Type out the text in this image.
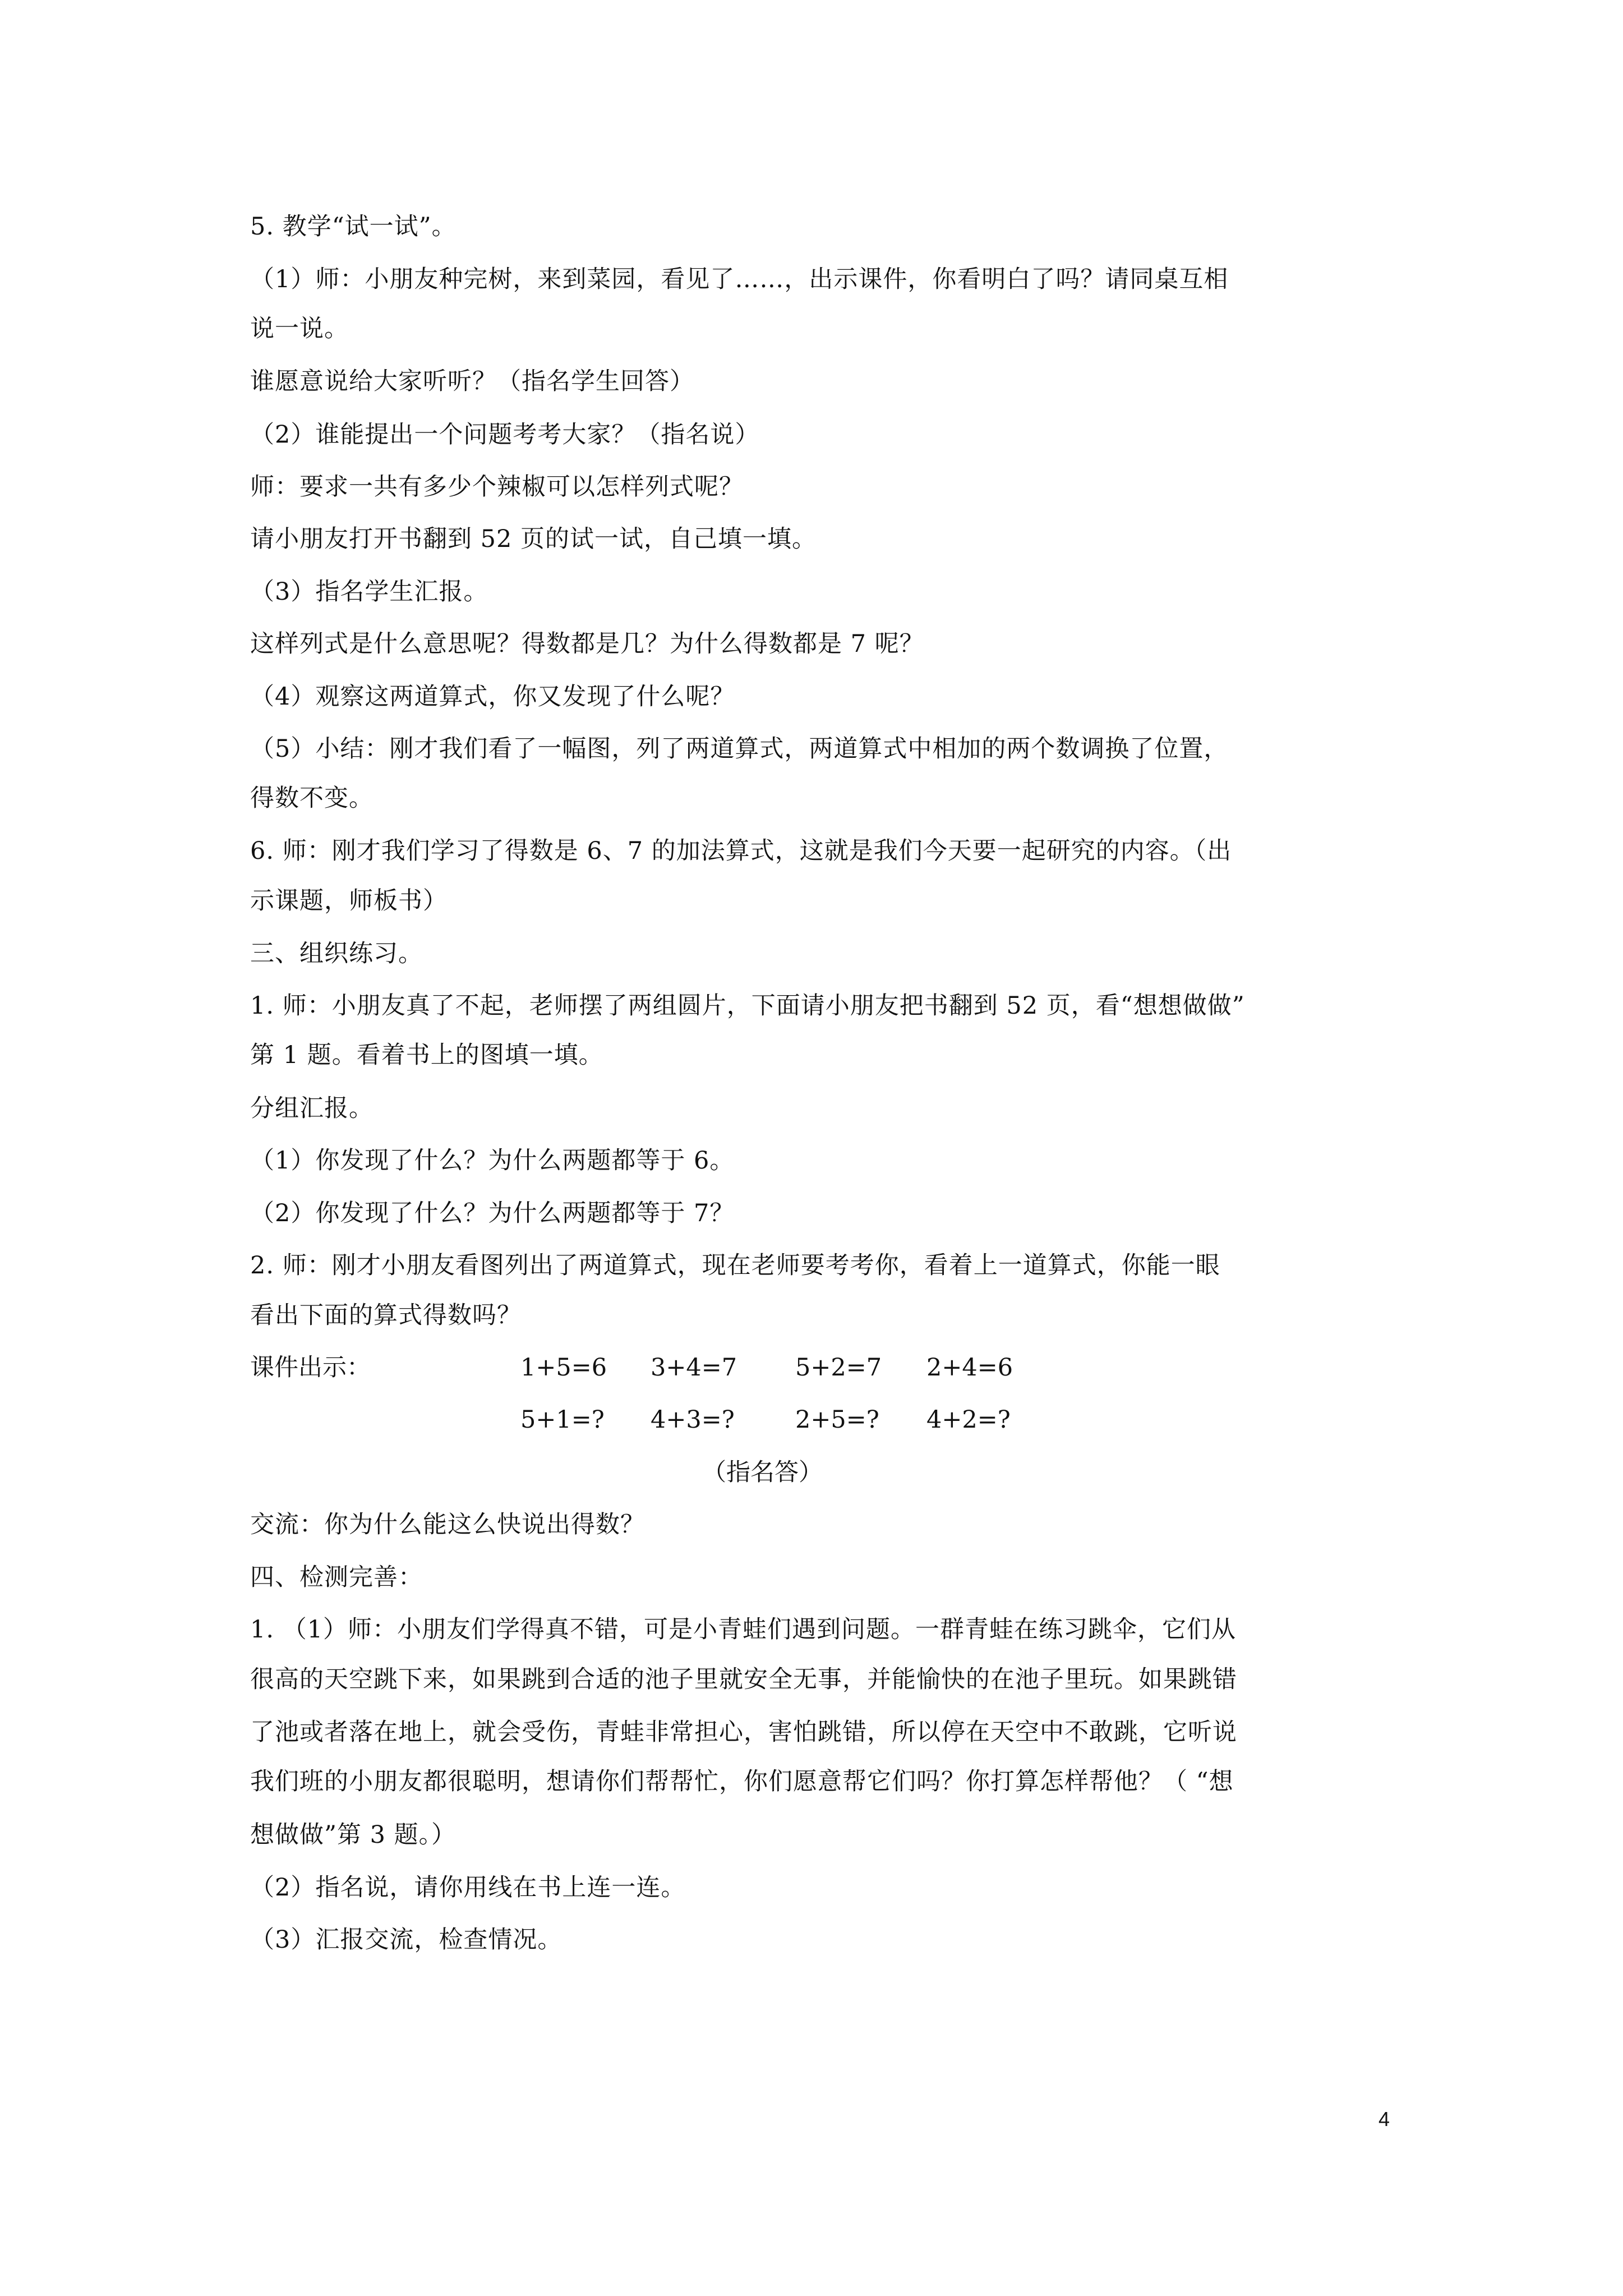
5. 教学“试一试”。
（1）师：小朋友种完树，来到菜园，看见了……，出示课件，你看明白了吗？请同桌互相
说一说。
谁愿意说给大家听听？（指名学生回答）
（2）谁能提出一个问题考考大家？（指名说）
师：要求一共有多少个辣椒可以怎样列式呢？
请小朋友打开书翻到 52 页的试一试，自己填一填。
（3）指名学生汇报。
这样列式是什么意思呢？得数都是几？为什么得数都是 7 呢？
（4）观察这两道算式，你又发现了什么呢？
（5）小结：刚才我们看了一幅图，列了两道算式，两道算式中相加的两个数调换了位置，
得数不变。
6. 师：刚才我们学习了得数是 6、7 的加法算式，这就是我们今天要一起研究的内容。（出
示课题，师板书）
三、组织练习。
1. 师：小朋友真了不起，老师摆了两组圆片，下面请小朋友把书翻到 52 页，看“想想做做”
第 1 题。看着书上的图填一填。
分组汇报。
（1）你发现了什么？为什么两题都等于 6。
（2）你发现了什么？为什么两题都等于 7？
2. 师：刚才小朋友看图列出了两道算式，现在老师要考考你，看着上一道算式，你能一眼
看出下面的算式得数吗？
课件出示：	1+5=6 3+4=7 5+2=7 2+4=6
5+1=? 4+3=?	2+5=? 4+2=?
（指名答）
交流：你为什么能这么快说出得数？
四、检测完善：
1. （1）师：小朋友们学得真不错，可是小青蛙们遇到问题。一群青蛙在练习跳伞，它们从
很高的天空跳下来，如果跳到合适的池子里就安全无事，并能愉快的在池子里玩。如果跳错
了池或者落在地上，就会受伤，青蛙非常担心，害怕跳错，所以停在天空中不敢跳，它听说
我们班的小朋友都很聪明，想请你们帮帮忙，你们愿意帮它们吗？你打算怎样帮他？（ “想
想做做”第 3 题。）
（2）指名说，请你用线在书上连一连。
（3）汇报交流，检查情况。
4
